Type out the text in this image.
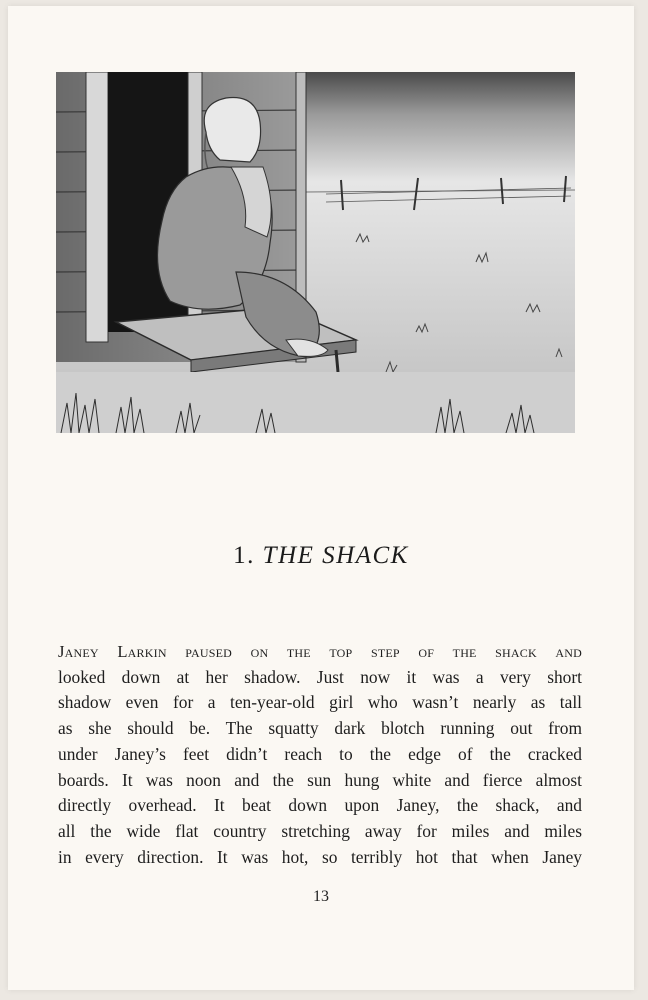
1. THE SHACK
Janey Larkin paused on the top step of the shack and
looked down at her shadow. Just now it was a very short
shadow even for a ten-year-old girl who wasn’t nearly as tall
as she should be. The squatty dark blotch running out from
under Janey’s feet didn’t reach to the edge of the cracked
boards. It was noon and the sun hung white and fierce almost
directly overhead. It beat down upon Janey, the shack, and
all the wide flat country stretching away for miles and miles
in every direction. It was hot, so terribly hot that when Janey
13
